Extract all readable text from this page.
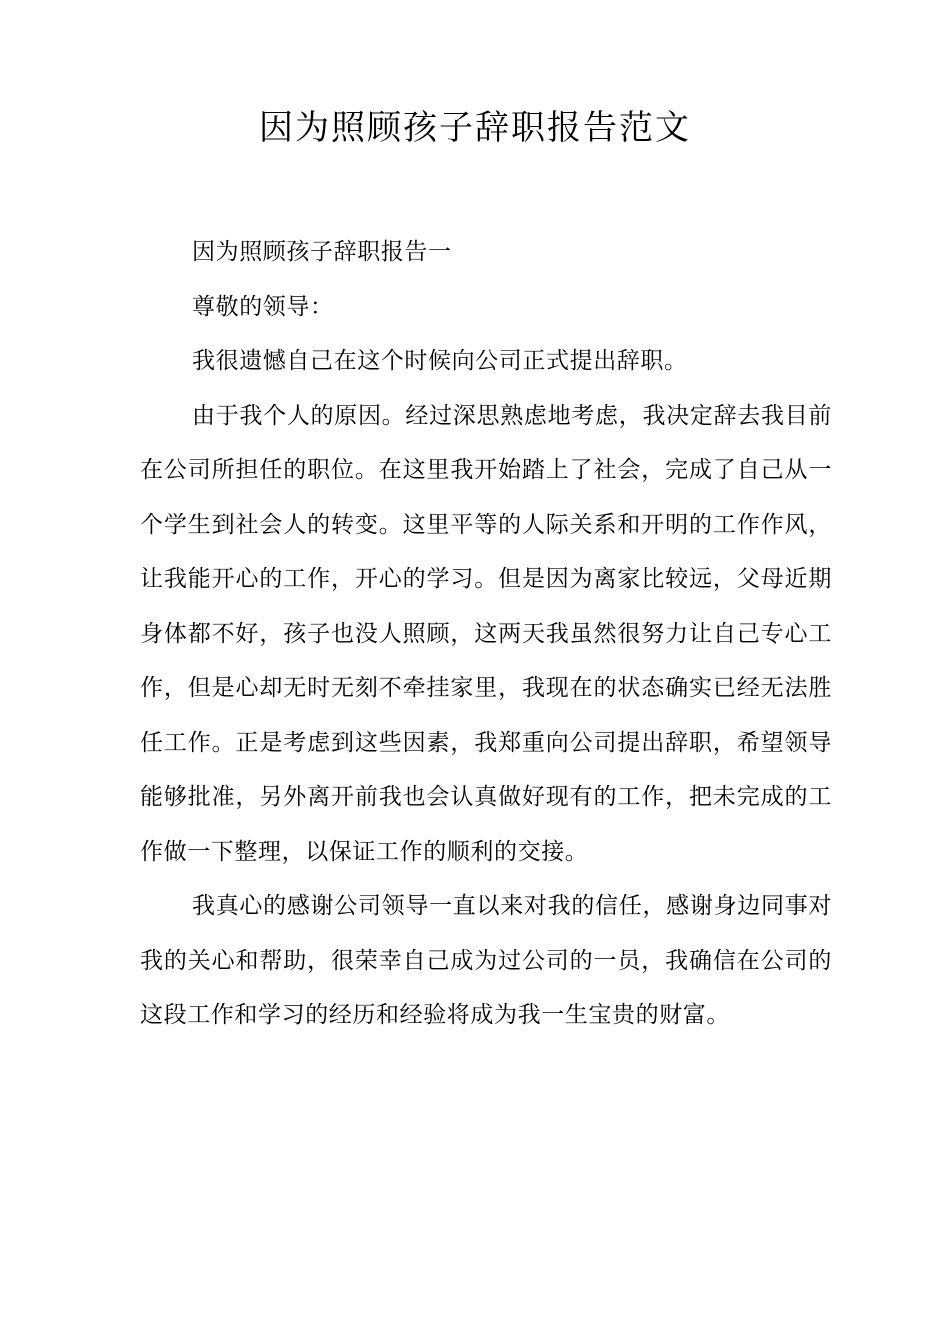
因为照顾孩子辞职报告范文

因为照顾孩子辞职报告一

尊敬的领导：

我很遗憾自己在这个时候向公司正式提出辞职。

由于我个人的原因。经过深思熟虑地考虑，我决定辞去我目前在公司所担任的职位。在这里我开始踏上了社会，完成了自己从一个学生到社会人的转变。这里平等的人际关系和开明的工作作风，让我能开心的工作，开心的学习。但是因为离家比较远，父母近期身体都不好，孩子也没人照顾，这两天我虽然很努力让自己专心工作，但是心却无时无刻不牵挂家里，我现在的状态确实已经无法胜任工作。正是考虑到这些因素，我郑重向公司提出辞职，希望领导能够批准，另外离开前我也会认真做好现有的工作，把未完成的工作做一下整理，以保证工作的顺利的交接。

我真心的感谢公司领导一直以来对我的信任，感谢身边同事对我的关心和帮助，很荣幸自己成为过公司的一员，我确信在公司的这段工作和学习的经历和经验将成为我一生宝贵的财富。
